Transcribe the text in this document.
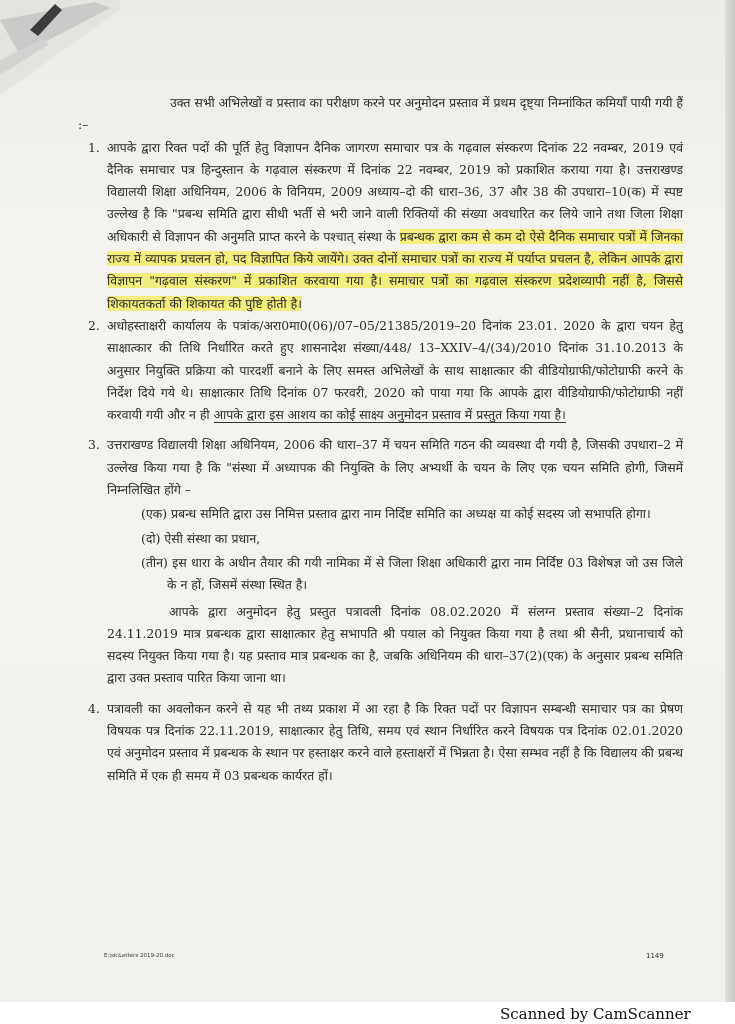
उक्त सभी अभिलेखों व प्रस्ताव का परीक्षण करने पर अनुमोदन प्रस्ताव में प्रथम दृष्ट्या निम्नांकित कमियाँ पायी गयी हैं :–

1. आपके द्वारा रिक्त पदों की पूर्ति हेतु विज्ञापन दैनिक जागरण समाचार पत्र के गढ़वाल संस्करण दिनांक 22 नवम्बर, 2019 एवं दैनिक समाचार पत्र हिन्दुस्तान के गढ़वाल संस्करण में दिनांक 22 नवम्बर, 2019 को प्रकाशित कराया गया है। उत्तराखण्ड विद्यालयी शिक्षा अधिनियम, 2006 के विनियम, 2009 अध्याय–दो की धारा–36, 37 और 38 की उपधारा–10(क) में स्पष्ट उल्लेख है कि "प्रबन्ध समिति द्वारा सीधी भर्ती से भरी जाने वाली रिक्तियों की संख्या अवधारित कर लिये जाने तथा जिला शिक्षा अधिकारी से विज्ञापन की अनुमति प्राप्त करने के पश्चात् संस्था के प्रबन्धक द्वारा कम से कम दो ऐसे दैनिक समाचार पत्रों में जिनका राज्य में व्यापक प्रचलन हो, पद विज्ञापित किये जायेंगे। उक्त दोनों समाचार पत्रों का राज्य में पर्याप्त प्रचलन है, लेकिन आपके द्वारा विज्ञापन "गढ़वाल संस्करण" में प्रकाशित करवाया गया है। समाचार पत्रों का गढ़वाल संस्करण प्रदेशव्यापी नहीं है, जिससे शिकायतकर्ता की शिकायत की पुष्टि होती है।
2. अधोहस्ताक्षरी कार्यालय के पत्रांक/अरा0मा0(06)/07–05/21385/2019–20 दिनांक 23.01. 2020 के द्वारा चयन हेतु साक्षात्कार की तिथि निर्धारित करते हुए शासनादेश संख्या/448/ 13–XXIV–4/(34)/2010 दिनांक 31.10.2013 के अनुसार नियुक्ति प्रक्रिया को पारदर्शी बनाने के लिए समस्त अभिलेखों के साथ साक्षात्कार की वीडियोग्राफी/फोटोग्राफी करने के निर्देश दिये गये थे। साक्षात्कार तिथि दिनांक 07 फरवरी, 2020 को पाया गया कि आपके द्वारा वीडियोग्राफी/फोटोग्राफी नहीं करवायी गयी और न ही आपके द्वारा इस आशय का कोई साक्ष्य अनुमोदन प्रस्ताव में प्रस्तुत किया गया है।
3. उत्तराखण्ड विद्यालयी शिक्षा अधिनियम, 2006 की धारा–37 में चयन समिति गठन की व्यवस्था दी गयी है, जिसकी उपधारा–2 में उल्लेख किया गया है कि "संस्था में अध्यापक की नियुक्ति के लिए अभ्यर्थी के चयन के लिए एक चयन समिति होगी, जिसमें निम्नलिखित होंगे –

(एक) प्रबन्ध समिति द्वारा उस निमित्त प्रस्ताव द्वारा नाम निर्दिष्ट समिति का अध्यक्ष या कोई सदस्य जो सभापति होगा।

(दो) ऐसी संस्था का प्रधान,

(तीन) इस धारा के अधीन तैयार की गयी नामिका में से जिला शिक्षा अधिकारी द्वारा नाम निर्दिष्ट 03 विशेषज्ञ जो उस जिले के न हों, जिसमें संस्था स्थित है।

आपके द्वारा अनुमोदन हेतु प्रस्तुत पत्रावली दिनांक 08.02.2020 में संलग्न प्रस्ताव संख्या–2 दिनांक 24.11.2019 मात्र प्रबन्धक द्वारा साक्षात्कार हेतु सभापति श्री पयाल को नियुक्त किया गया है तथा श्री सैनी, प्रधानाचार्य को सदस्य नियुक्त किया गया है। यह प्रस्ताव मात्र प्रबन्धक का है, जबकि अधिनियम की धारा–37(2)(एक) के अनुसार प्रबन्ध समिति द्वारा उक्त प्रस्ताव पारित किया जाना था।

4. पत्रावली का अवलोकन करने से यह भी तथ्य प्रकाश में आ रहा है कि रिक्त पदों पर विज्ञापन सम्बन्धी समाचार पत्र का प्रेषण विषयक पत्र दिनांक 22.11.2019, साक्षात्कार हेतु तिथि, समय एवं स्थान निर्धारित करने विषयक पत्र दिनांक 02.01.2020 एवं अनुमोदन प्रस्ताव में प्रबन्धक के स्थान पर हस्ताक्षर करने वाले हस्ताक्षरों में भिन्नता है। ऐसा सम्भव नहीं है कि विद्यालय की प्रबन्ध समिति में एक ही समय में 03 प्रबन्धक कार्यरत हों।
E:\sk\Letters 2019-20.doc	1149
Scanned by CamScanner
